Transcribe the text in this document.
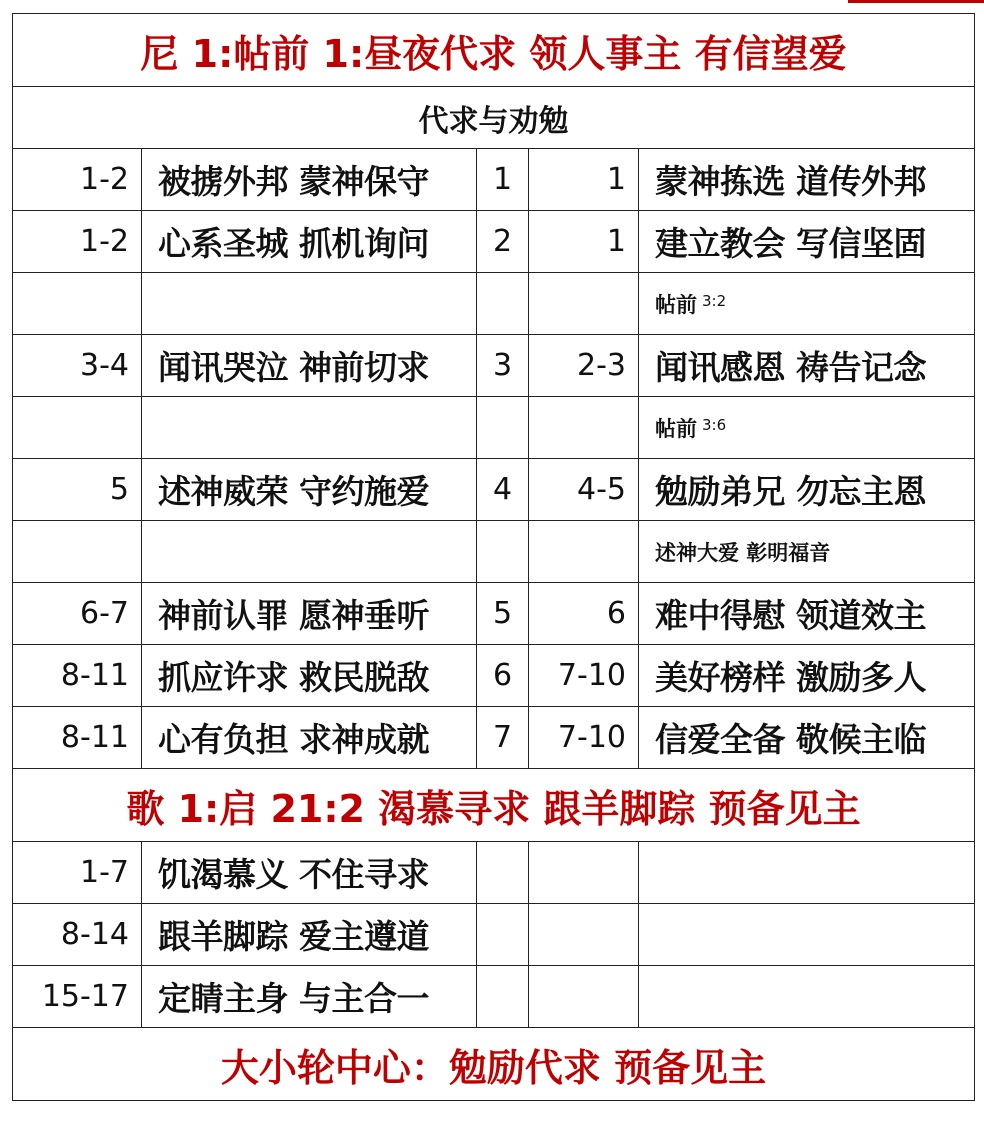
尼 1:帖前 1:昼夜代求 领人事主 有信望爱				
代求与劝勉				
1-2	被掳外邦 蒙神保守	1	1	蒙神拣选 道传外邦
1-2	心系圣城 抓机询问	2	1	建立教会 写信坚固
				帖前 $^{3:2}$
3-4	闻讯哭泣 神前切求	3	2-3	闻讯感恩 祷告记念
				帖前 $^{3:6}$
5	述神威荣 守约施爱	4	4-5	勉励弟兄 勿忘主恩
				述神大爱 彰明福音
6-7	神前认罪 愿神垂听	5	6	难中得慰 领道效主
8-11	抓应许求 救民脱敌	6	7-10	美好榜样 激励多人
8-11	心有负担 求神成就	7	7-10	信爱全备 敬候主临
歌 1:启 21:2 渴慕寻求 跟羊脚踪 预备见主				
1-7	饥渴慕义 不住寻求			
8-14	跟羊脚踪 爱主遵道			
15-17	定睛主身 与主合一			
大小轮中心：勉励代求 预备见主				
